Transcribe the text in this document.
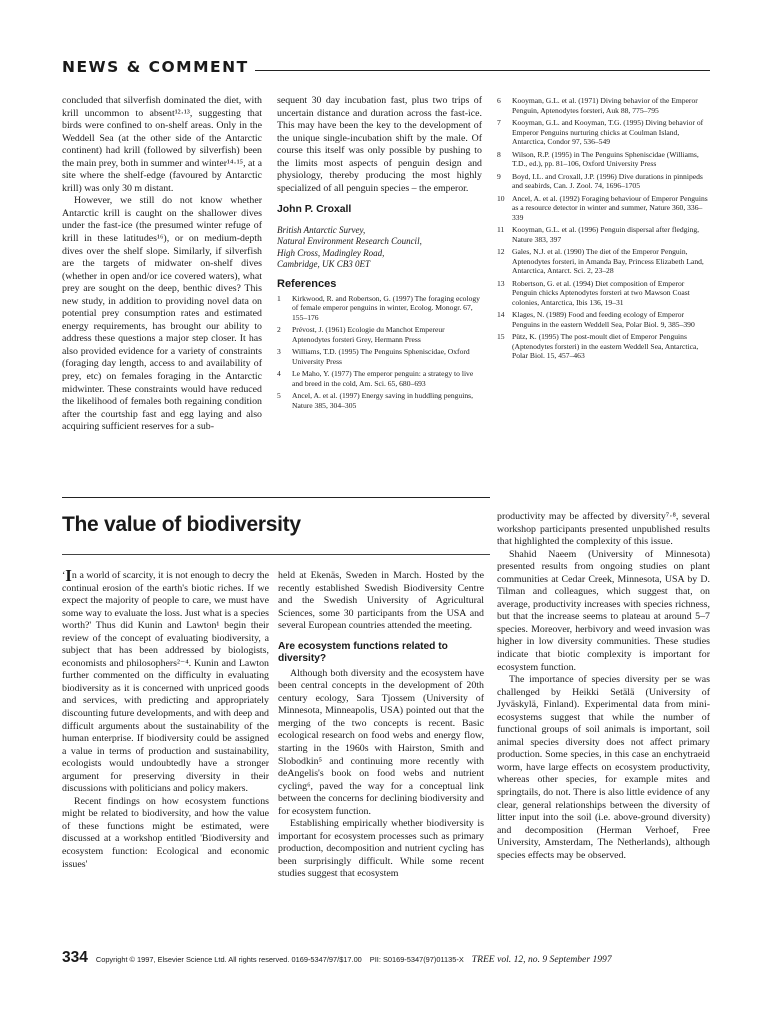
NEWS & COMMENT

concluded that silverfish dominated the diet, with krill uncommon to absent¹²·¹³, suggesting that birds were confined to on-shelf areas. Only in the Weddell Sea (at the other side of the Antarctic continent) had krill (followed by silverfish) been the main prey, both in summer and winter¹⁴·¹⁵, at a site where the shelf-edge (favoured by Antarctic krill) was only 30 m distant.

However, we still do not know whether Antarctic krill is caught on the shallower dives under the fast-ice (the presumed winter refuge of krill in these latitudes¹⁶), or on medium-depth dives over the shelf slope. Similarly, if silverfish are the targets of midwater on-shelf dives (whether in open and/or ice covered waters), what prey are sought on the deep, benthic dives? This new study, in addition to providing novel data on potential prey consumption rates and estimated energy requirements, has brought our ability to address these questions a major step closer. It has also provided evidence for a variety of constraints (foraging day length, access to and availability of prey, etc) on females foraging in the Antarctic midwinter. These constraints would have reduced the likelihood of females both regaining condition after the courtship fast and egg laying and also acquiring sufficient reserves for a sub-

sequent 30 day incubation fast, plus two trips of uncertain distance and duration across the fast-ice. This may have been the key to the development of the unique single-incubation shift by the male. Of course this itself was only possible by pushing to the limits most aspects of penguin design and physiology, thereby producing the most highly specialized of all penguin species – the emperor.

John P. Croxall
British Antarctic Survey,
Natural Environment Research Council,
High Cross, Madingley Road,
Cambridge, UK CB3 0ET
References
1	Kirkwood, R. and Robertson, G. (1997) The foraging ecology of female emperor penguins in winter, Ecolog. Monogr. 67, 155–176
2	Prévost, J. (1961) Ecologie du Manchot Empereur Aptenodytes forsteri Grey, Hermann Press
3	Williams, T.D. (1995) The Penguins Spheniscidae, Oxford University Press
4	Le Maho, Y. (1977) The emperor penguin: a strategy to live and breed in the cold, Am. Sci. 65, 680–693
5	Ancel, A. et al. (1997) Energy saving in huddling penguins, Nature 385, 304–305
6	Kooyman, G.L. et al. (1971) Diving behavior of the Emperor Penguin, Aptenodytes forsteri, Auk 88, 775–795
7	Kooyman, G.L. and Kooyman, T.G. (1995) Diving behavior of Emperor Penguins nurturing chicks at Coulman Island, Antarctica, Condor 97, 536–549
8	Wilson, R.P. (1995) in The Penguins Spheniscidae (Williams, T.D., ed.), pp. 81–106, Oxford University Press
9	Boyd, I.L. and Croxall, J.P. (1996) Dive durations in pinnipeds and seabirds, Can. J. Zool. 74, 1696–1705
10 Ancel, A. et al. (1992) Foraging behaviour of Emperor Penguins as a resource detector in winter and summer, Nature 360, 336–339
11	Kooyman, G.L. et al. (1996) Penguin dispersal after fledging, Nature 383, 397
12 Gales, N.J. et al. (1990) The diet of the Emperor Penguin, Aptenodytes forsteri, in Amanda Bay, Princess Elizabeth Land, Antarctica, Antarct. Sci. 2, 23–28
13 Robertson, G. et al. (1994) Diet composition of Emperor Penguin chicks Aptenodytes forsteri at two Mawson Coast colonies, Antarctica, Ibis 136, 19–31
14 Klages, N. (1989) Food and feeding ecology of Emperor Penguins in the eastern Weddell Sea, Polar Biol. 9, 385–390
15 Pütz, K. (1995) The post-moult diet of Emperor Penguins (Aptenodytes forsteri) in the eastern Weddell Sea, Antarctica, Polar Biol. 15, 457–463
The value of biodiversity

‘In a world of scarcity, it is not enough to decry the continual erosion of the earth's biotic riches. If we expect the majority of people to care, we must have some way to evaluate the loss. Just what is a species worth?' Thus did Kunin and Lawton¹ begin their review of the concept of evaluating biodiversity, a subject that has been addressed by biologists, economists and philosophers²⁻⁴. Kunin and Lawton further commented on the difficulty in evaluating biodiversity as it is concerned with unpriced goods and services, with predicting and appropriately discounting future developments, and with deep and difficult arguments about the sustainability of the human enterprise. If biodiversity could be assigned a value in terms of production and sustainability, ecologists would undoubtedly have a stronger argument for preserving diversity in their discussions with politicians and policy makers.

Recent findings on how ecosystem functions might be related to biodiversity, and how the value of these functions might be estimated, were discussed at a workshop entitled 'Biodiversity and ecosystem function: Ecological and economic issues'

held at Ekenäs, Sweden in March. Hosted by the recently established Swedish Biodiversity Centre and the Swedish University of Agricultural Sciences, some 30 participants from the USA and several European countries attended the meeting.

Are ecosystem functions related to diversity?

Although both diversity and the ecosystem have been central concepts in the development of 20th century ecology, Sara Tjossem (University of Minnesota, Minneapolis, USA) pointed out that the merging of the two concepts is recent. Basic ecological research on food webs and energy flow, starting in the 1960s with Hairston, Smith and Slobodkin⁵ and continuing more recently with deAngelis's book on food webs and nutrient cycling⁶, paved the way for a conceptual link between the concerns for declining biodiversity and for ecosystem function.

Establishing empirically whether biodiversity is important for ecosystem processes such as primary production, decomposition and nutrient cycling has been surprisingly difficult. While some recent studies suggest that ecosystem

productivity may be affected by diversity⁷·⁸, several workshop participants presented unpublished results that highlighted the complexity of this issue.

Shahid Naeem (University of Minnesota) presented results from ongoing studies on plant communities at Cedar Creek, Minnesota, USA by D. Tilman and colleagues, which suggest that, on average, productivity increases with species richness, but that the increase seems to plateau at around 5–7 species. Moreover, herbivory and weed invasion was higher in low diversity communities. These studies indicate that biotic complexity is important for ecosystem function.

The importance of species diversity per se was challenged by Heikki Setälä (University of Jyväskylä, Finland). Experimental data from mini-ecosystems suggest that while the number of functional groups of soil animals is important, soil animal species diversity does not affect primary production. Some species, in this case an enchytraeid worm, have large effects on ecosystem productivity, whereas other species, for example mites and springtails, do not. There is also little evidence of any clear, general relationships between the diversity of litter input into the soil (i.e. above-ground diversity) and decomposition (Herman Verhoef, Free University, Amsterdam, The Netherlands), although species effects may be observed.

334 Copyright © 1997, Elsevier Science Ltd. All rights reserved. 0169-5347/97/$17.00 PII: S0169-5347(97)01135-X TREE vol. 12, no. 9 September 1997
